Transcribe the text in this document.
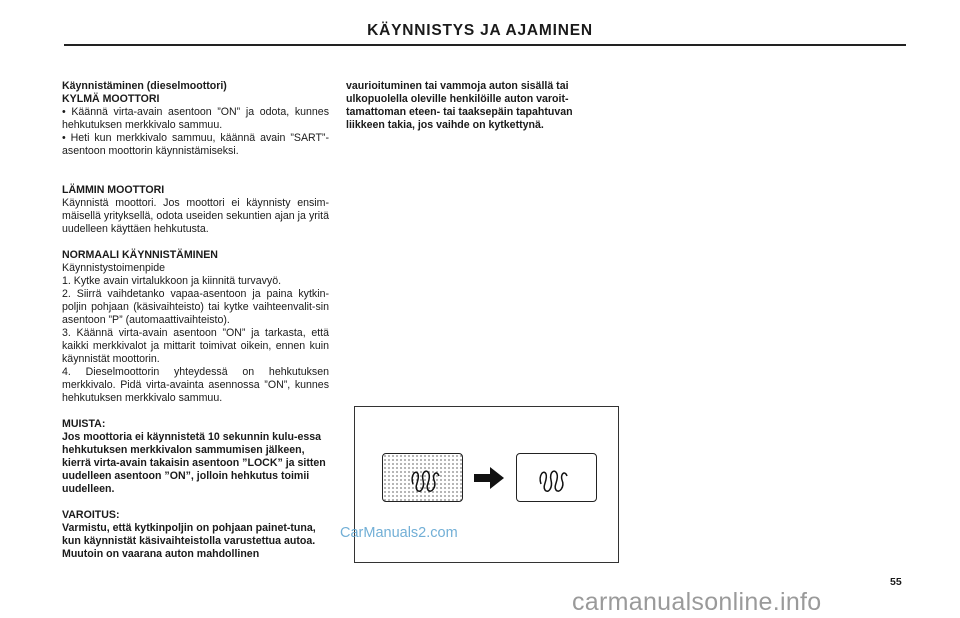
KÄYNNISTYS JA AJAMINEN

Käynnistäminen (dieselmoottori)

KYLMÄ MOOTTORI

• Käännä virta-avain asentoon ”ON” ja odota, kunnes hehkutuksen merkkivalo sammuu.

• Heti kun merkkivalo sammuu, käännä avain ”SART”-asentoon moottorin käynnistämiseksi.

LÄMMIN MOOTTORI

Käynnistä moottori. Jos moottori ei käynnisty ensim-mäisellä yrityksellä, odota useiden sekuntien ajan ja yritä uudelleen käyttäen hehkutusta.

NORMAALI KÄYNNISTÄMINEN

Käynnistystoimenpide

1. Kytke avain virtalukkoon ja kiinnitä turvavyö.

2. Siirrä vaihdetanko vapaa-asentoon ja paina kytkin-poljin pohjaan (käsivaihteisto) tai kytke vaihteenvalit-sin asentoon ”P” (automaattivaihteisto).

3. Käännä virta-avain asentoon ”ON” ja tarkasta, että kaikki merkkivalot ja mittarit toimivat oikein, ennen kuin käynnistät moottorin.

4. Dieselmoottorin yhteydessä on hehkutuksen merkkivalo. Pidä virta-avainta asennossa ”ON”, kunnes hehkutuksen merkkivalo sammuu.

MUISTA:

Jos moottoria ei käynnistetä 10 sekunnin kulu-essa hehkutuksen merkkivalon sammumisen jälkeen, kierrä virta-avain takaisin asentoon ”LOCK” ja sitten uudelleen asentoon ”ON”, jolloin hehkutus toimii uudelleen.

VAROITUS:

Varmistu, että kytkinpoljin on pohjaan painet-tuna, kun käynnistät käsivaihteistolla varustettua autoa. Muutoin on vaarana auton mahdollinen

vaurioituminen tai vammoja auton sisällä tai ulkopuolella oleville henkilöille auton varoit-tamattoman eteen- tai taaksepäin tapahtuvan liikkeen takia, jos vaihde on kytkettynä.

CarManuals2.com
55
carmanualsonline.info
